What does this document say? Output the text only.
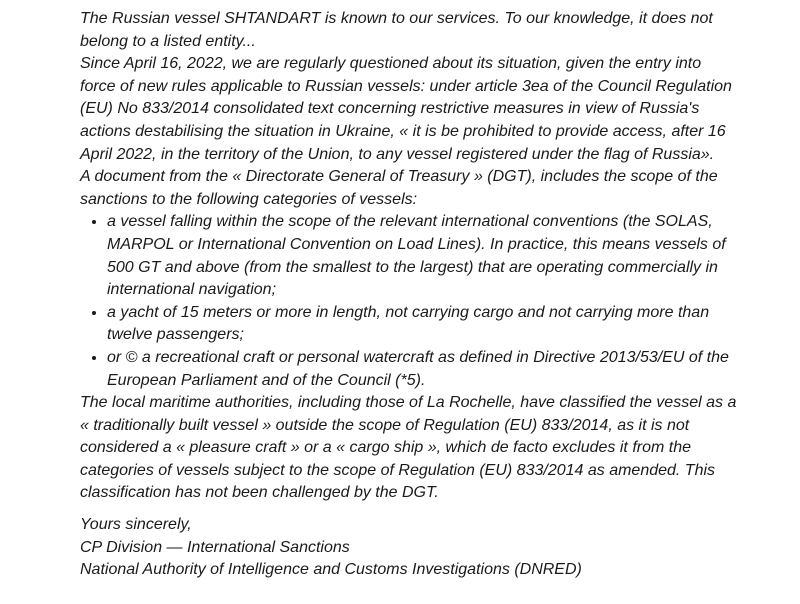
The Russian vessel SHTANDART is known to our services. To our knowledge, it does not belong to a listed entity...

Since April 16, 2022, we are regularly questioned about its situation, given the entry into force of new rules applicable to Russian vessels: under article 3ea of the Council Regulation (EU) No 833/2014 consolidated text concerning restrictive measures in view of Russia's actions destabilising the situation in Ukraine, « it is be prohibited to provide access, after 16 April 2022, in the territory of the Union, to any vessel registered under the flag of Russia».

A document from the « Directorate General of Treasury » (DGT), includes the scope of the sanctions to the following categories of vessels:

• a vessel falling within the scope of the relevant international conventions (the SOLAS, MARPOL or International Convention on Load Lines). In practice, this means vessels of 500 GT and above (from the smallest to the largest) that are operating commercially in international navigation;
• a yacht of 15 meters or more in length, not carrying cargo and not carrying more than twelve passengers;
• or © a recreational craft or personal watercraft as defined in Directive 2013/53/EU of the European Parliament and of the Council (*5).

The local maritime authorities, including those of La Rochelle, have classified the vessel as a « traditionally built vessel » outside the scope of Regulation (EU) 833/2014, as it is not considered a « pleasure craft » or a « cargo ship », which de facto excludes it from the categories of vessels subject to the scope of Regulation (EU) 833/2014 as amended. This classification has not been challenged by the DGT.

Yours sincerely,

CP Division — International Sanctions

National Authority of Intelligence and Customs Investigations (DNRED)
